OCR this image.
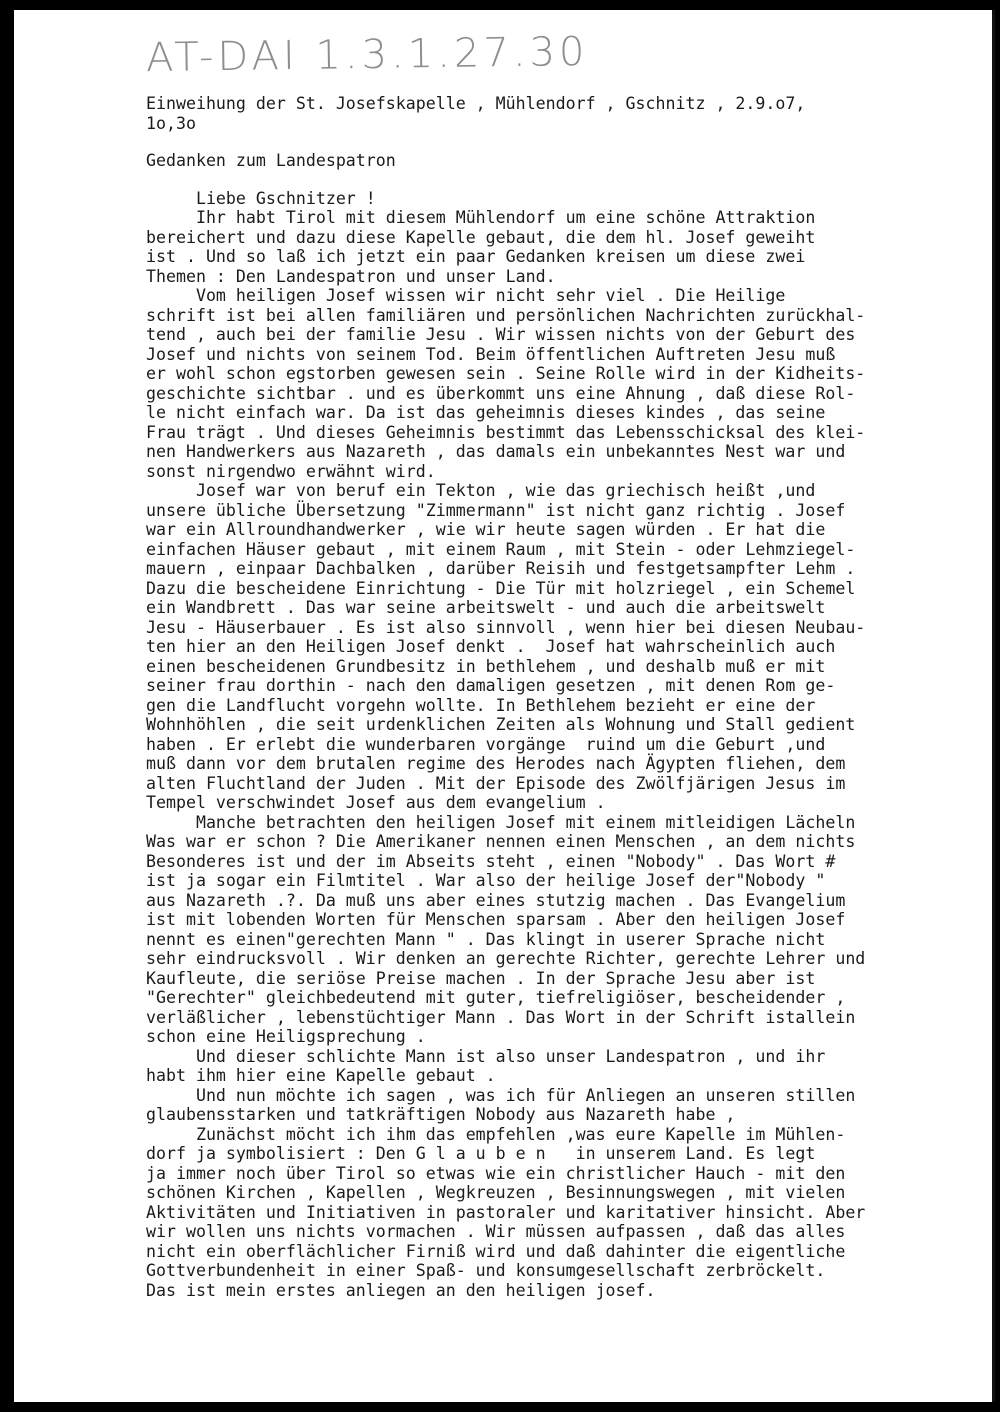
AT-DAI 1.3.1.27.30
Einweihung der St. Josefskapelle , Mühlendorf , Gschnitz , 2.9.o7,
1o,3o
Gedanken zum Landespatron
Liebe Gschnitzer !
Ihr habt Tirol mit diesem Mühlendorf um eine schöne Attraktion
bereichert und dazu diese Kapelle gebaut, die dem hl. Josef geweiht
ist . Und so laß ich jetzt ein paar Gedanken kreisen um diese zwei
Themen : Den Landespatron und unser Land.
Vom heiligen Josef wissen wir nicht sehr viel . Die Heilige
schrift ist bei allen familiären und persönlichen Nachrichten zurückhal-
tend , auch bei der familie Jesu . Wir wissen nichts von der Geburt des
Josef und nichts von seinem Tod. Beim öffentlichen Auftreten Jesu muß
er wohl schon egstorben gewesen sein . Seine Rolle wird in der Kidheits-
geschichte sichtbar . und es überkommt uns eine Ahnung , daß diese Rol-
le nicht einfach war. Da ist das geheimnis dieses kindes , das seine
Frau trägt . Und dieses Geheimnis bestimmt das Lebensschicksal des klei-
nen Handwerkers aus Nazareth , das damals ein unbekanntes Nest war und
sonst nirgendwo erwähnt wird.
Josef war von beruf ein Tekton , wie das griechisch heißt ,und
unsere übliche Übersetzung "Zimmermann" ist nicht ganz richtig . Josef
war ein Allroundhandwerker , wie wir heute sagen würden . Er hat die
einfachen Häuser gebaut , mit einem Raum , mit Stein - oder Lehmziegel-
mauern , einpaar Dachbalken , darüber Reisih und festgetsampfter Lehm .
Dazu die bescheidene Einrichtung - Die Tür mit holzriegel , ein Schemel
ein Wandbrett . Das war seine arbeitswelt - und auch die arbeitswelt
Jesu - Häuserbauer . Es ist also sinnvoll , wenn hier bei diesen Neubau-
ten hier an den Heiligen Josef denkt .  Josef hat wahrscheinlich auch
einen bescheidenen Grundbesitz in bethlehem , und deshalb muß er mit
seiner frau dorthin - nach den damaligen gesetzen , mit denen Rom ge-
gen die Landflucht vorgehn wollte. In Bethlehem bezieht er eine der
Wohnhöhlen , die seit urdenklichen Zeiten als Wohnung und Stall gedient
haben . Er erlebt die wunderbaren vorgänge  ruind um die Geburt ,und
muß dann vor dem brutalen regime des Herodes nach Ägypten fliehen, dem
alten Fluchtland der Juden . Mit der Episode des Zwölfjärigen Jesus im
Tempel verschwindet Josef aus dem evangelium .
Manche betrachten den heiligen Josef mit einem mitleidigen Lächeln
Was war er schon ? Die Amerikaner nennen einen Menschen , an dem nichts
Besonderes ist und der im Abseits steht , einen "Nobody" . Das Wort #
ist ja sogar ein Filmtitel . War also der heilige Josef der"Nobody "
aus Nazareth .?. Da muß uns aber eines stutzig machen . Das Evangelium
ist mit lobenden Worten für Menschen sparsam . Aber den heiligen Josef
nennt es einen"gerechten Mann " . Das klingt in userer Sprache nicht
sehr eindrucksvoll . Wir denken an gerechte Richter, gerechte Lehrer und
Kaufleute, die seriöse Preise machen . In der Sprache Jesu aber ist
"Gerechter" gleichbedeutend mit guter, tiefreligiöser, bescheidender ,
verläßlicher , lebenstüchtiger Mann . Das Wort in der Schrift istallein
schon eine Heiligsprechung .
Und dieser schlichte Mann ist also unser Landespatron , und ihr
habt ihm hier eine Kapelle gebaut .
Und nun möchte ich sagen , was ich für Anliegen an unseren stillen
glaubensstarken und tatkräftigen Nobody aus Nazareth habe ,
Zunächst möcht ich ihm das empfehlen ,was eure Kapelle im Mühlen-
dorf ja symbolisiert : Den G l a u b e n   in unserem Land. Es legt
ja immer noch über Tirol so etwas wie ein christlicher Hauch - mit den
schönen Kirchen , Kapellen , Wegkreuzen , Besinnungswegen , mit vielen
Aktivitäten und Initiativen in pastoraler und karitativer hinsicht. Aber
wir wollen uns nichts vormachen . Wir müssen aufpassen , daß das alles
nicht ein oberflächlicher Firniß wird und daß dahinter die eigentliche
Gottverbundenheit in einer Spaß- und konsumgesellschaft zerbröckelt.
Das ist mein erstes anliegen an den heiligen josef.
